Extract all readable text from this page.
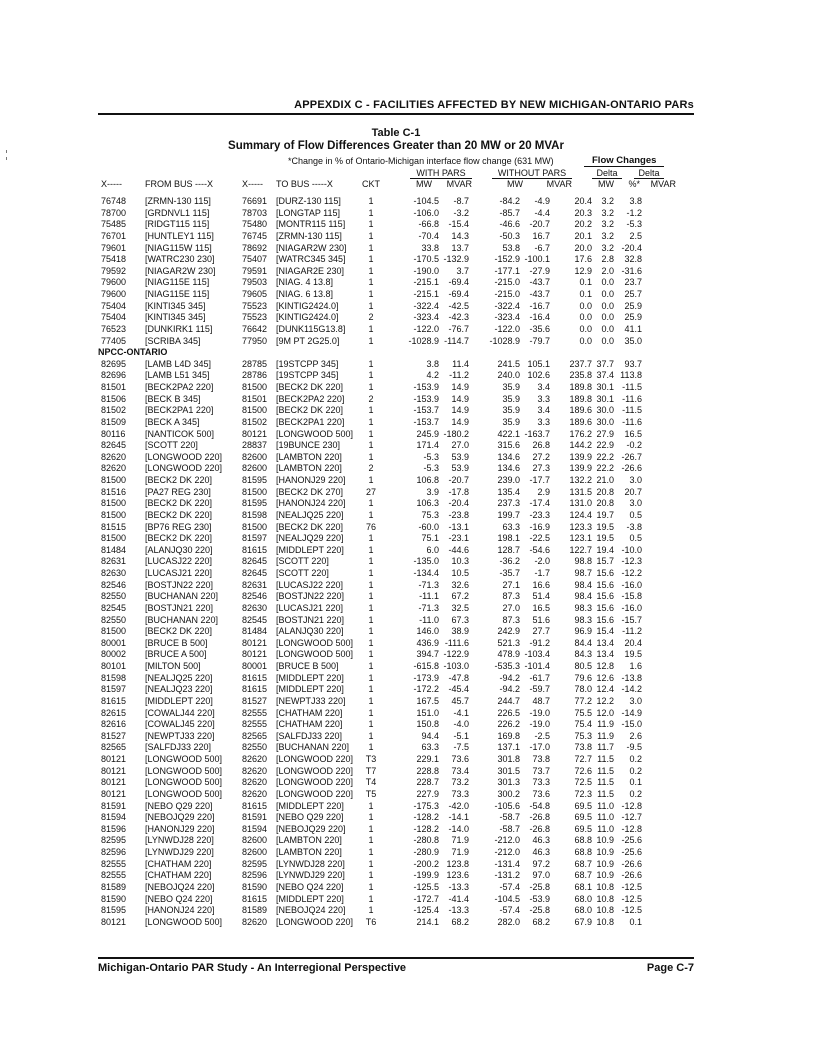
APPEXDIX C - FACILITIES AFFECTED BY NEW MICHIGAN-ONTARIO PARs
Table C-1
Summary of Flow Differences Greater than 20 MW or 20 MVAr
*Change in % of Ontario-Michigan interface flow change (631 MW)	Flow Changes
WITH PARS	WITHOUT PARS	Delta	Delta
X-----	FROM BUS ----X	X----- TO BUS -----X	CKT	MW	MVAR	MW	MVAR	MW	%*	MVAR
	76748	[ZRMN-130 115]	76691	[DURZ-130 115]	1		-104.5	-8.7	-84.2	-4.9	20.4	3.2	3.8
	78700	[GRDNVL1 115]	78703	[LONGTAP 115]	1		-106.0	-3.2	-85.7	-4.4	20.3	3.2	-1.2
	75485	[RIDGT115 115]	75480	[MONTR115 115]	1		-66.8	-15.4	-46.6	-20.7	20.2	3.2	-5.3
	76701	[HUNTLEY1 115]	76745	[ZRMN-130 115]	1		-70.4	14.3	-50.3	16.7	20.1	3.2	2.5
	79601	[NIAG115W 115]	78692	[NIAGAR2W 230]	1		33.8	13.7	53.8	-6.7	20.0	3.2	-20.4
	75418	[WATRC230 230]	75407	[WATRC345 345]	1		-170.5	-132.9	-152.9	-100.1	17.6	2.8	32.8
	79592	[NIAGAR2W 230]	79591	[NIAGAR2E 230]	1		-190.0	3.7	-177.1	-27.9	12.9	2.0	-31.6
	79600	[NIAG115E 115]	79503	[NIAG. 4 13.8]	1		-215.1	-69.4	-215.0	-43.7	0.1	0.0	23.7
	79600	[NIAG115E 115]	79605	[NIAG. 6 13.8]	1		-215.1	-69.4	-215.0	-43.7	0.1	0.0	25.7
	75404	[KINTI345 345]	75523	[KINTIG2424.0]	1		-322.4	-42.5	-322.4	-16.7	0.0	0.0	25.9
	75404	[KINTI345 345]	75523	[KINTIG2424.0]	2		-323.4	-42.3	-323.4	-16.4	0.0	0.0	25.9
	76523	[DUNKIRK1 115]	76642	[DUNK115G13.8]	1		-122.0	-76.7	-122.0	-35.6	0.0	0.0	41.1
	77405	[SCRIBA 345]	77950	[9M PT 2G25.0]	1		-1028.9	-114.7	-1028.9	-79.7	0.0	0.0	35.0
NPCC-ONTARIO													
	82695	[LAMB L4D 345]	28785	[19STCPP 345]	1		3.8	11.4	241.5	105.1	237.7	37.7	93.7
	82696	[LAMB L51 345]	28786	[19STCPP 345]	1		4.2	-11.2	240.0	102.6	235.8	37.4	113.8
	81501	[BECK2PA2 220]	81500	[BECK2 DK 220]	1		-153.9	14.9	35.9	3.4	189.8	30.1	-11.5
	81506	[BECK B 345]	81501	[BECK2PA2 220]	2		-153.9	14.9	35.9	3.3	189.8	30.1	-11.6
	81502	[BECK2PA1 220]	81500	[BECK2 DK 220]	1		-153.7	14.9	35.9	3.4	189.6	30.0	-11.5
	81509	[BECK A 345]	81502	[BECK2PA1 220]	1		-153.7	14.9	35.9	3.3	189.6	30.0	-11.6
	80116	[NANTICOK 500]	80121	[LONGWOOD 500]	1		245.9	-180.2	422.1	-163.7	176.2	27.9	16.5
	82645	[SCOTT 220]	28837	[19BUNCE 230]	1		171.4	27.0	315.6	26.8	144.2	22.9	-0.2
	82620	[LONGWOOD 220]	82600	[LAMBTON 220]	1		-5.3	53.9	134.6	27.2	139.9	22.2	-26.7
	82620	[LONGWOOD 220]	82600	[LAMBTON 220]	2		-5.3	53.9	134.6	27.3	139.9	22.2	-26.6
	81500	[BECK2 DK 220]	81595	[HANONJ29 220]	1		106.8	-20.7	239.0	-17.7	132.2	21.0	3.0
	81516	[PA27 REG 230]	81500	[BECK2 DK 270]	27		3.9	-17.8	135.4	2.9	131.5	20.8	20.7
	81500	[BECK2 DK 220]	81595	[HANONJ24 220]	1		106.3	-20.4	237.3	-17.4	131.0	20.8	3.0
	81500	[BECK2 DK 220]	81598	[NEALJQ25 220]	1		75.3	-23.8	199.7	-23.3	124.4	19.7	0.5
	81515	[BP76 REG 230]	81500	[BECK2 DK 220]	76		-60.0	-13.1	63.3	-16.9	123.3	19.5	-3.8
	81500	[BECK2 DK 220]	81597	[NEALJQ29 220]	1		75.1	-23.1	198.1	-22.5	123.1	19.5	0.5
	81484	[ALANJQ30 220]	81615	[MIDDLEPT 220]	1		6.0	-44.6	128.7	-54.6	122.7	19.4	-10.0
	82631	[LUCASJ22 220]	82645	[SCOTT 220]	1		-135.0	10.3	-36.2	-2.0	98.8	15.7	-12.3
	82630	[LUCASJ21 220]	82645	[SCOTT 220]	1		-134.4	10.5	-35.7	-1.7	98.7	15.6	-12.2
	82546	[BOSTJN22 220]	82631	[LUCASJ22 220]	1		-71.3	32.6	27.1	16.6	98.4	15.6	-16.0
	82550	[BUCHANAN 220]	82546	[BOSTJN22 220]	1		-11.1	67.2	87.3	51.4	98.4	15.6	-15.8
	82545	[BOSTJN21 220]	82630	[LUCASJ21 220]	1		-71.3	32.5	27.0	16.5	98.3	15.6	-16.0
	82550	[BUCHANAN 220]	82545	[BOSTJN21 220]	1		-11.0	67.3	87.3	51.6	98.3	15.6	-15.7
	81500	[BECK2 DK 220]	81484	[ALANJQ30 220]	1		146.0	38.9	242.9	27.7	96.9	15.4	-11.2
	80001	[BRUCE B 500]	80121	[LONGWOOD 500]	1		436.9	-111.6	521.3	-91.2	84.4	13.4	20.4
	80002	[BRUCE A 500]	80121	[LONGWOOD 500]	1		394.7	-122.9	478.9	-103.4	84.3	13.4	19.5
	80101	[MILTON 500]	80001	[BRUCE B 500]	1		-615.8	-103.0	-535.3	-101.4	80.5	12.8	1.6
	81598	[NEALJQ25 220]	81615	[MIDDLEPT 220]	1		-173.9	-47.8	-94.2	-61.7	79.6	12.6	-13.8
	81597	[NEALJQ23 220]	81615	[MIDDLEPT 220]	1		-172.2	-45.4	-94.2	-59.7	78.0	12.4	-14.2
	81615	[MIDDLEPT 220]	81527	[NEWPTJ33 220]	1		167.5	45.7	244.7	48.7	77.2	12.2	3.0
	82615	[COWALJ44 220]	82555	[CHATHAM 220]	1		151.0	-4.1	226.5	-19.0	75.5	12.0	-14.9
	82616	[COWALJ45 220]	82555	[CHATHAM 220]	1		150.8	-4.0	226.2	-19.0	75.4	11.9	-15.0
	81527	[NEWPTJ33 220]	82565	[SALFDJ33 220]	1		94.4	-5.1	169.8	-2.5	75.3	11.9	2.6
	82565	[SALFDJ33 220]	82550	[BUCHANAN 220]	1		63.3	-7.5	137.1	-17.0	73.8	11.7	-9.5
	80121	[LONGWOOD 500]	82620	[LONGWOOD 220]	T3		229.1	73.6	301.8	73.8	72.7	11.5	0.2
	80121	[LONGWOOD 500]	82620	[LONGWOOD 220]	T7		228.8	73.4	301.5	73.7	72.6	11.5	0.2
	80121	[LONGWOOD 500]	82620	[LONGWOOD 220]	T4		228.7	73.2	301.3	73.3	72.5	11.5	0.1
	80121	[LONGWOOD 500]	82620	[LONGWOOD 220]	T5		227.9	73.3	300.2	73.6	72.3	11.5	0.2
	81591	[NEBO Q29 220]	81615	[MIDDLEPT 220]	1		-175.3	-42.0	-105.6	-54.8	69.5	11.0	-12.8
	81594	[NEBOJQ29 220]	81591	[NEBO Q29 220]	1		-128.2	-14.1	-58.7	-26.8	69.5	11.0	-12.7
	81596	[HANONJ29 220]	81594	[NEBOJQ29 220]	1		-128.2	-14.0	-58.7	-26.8	69.5	11.0	-12.8
	82595	[LYNWDJ28 220]	82600	[LAMBTON 220]	1		-280.8	71.9	-212.0	46.3	68.8	10.9	-25.6
	82596	[LYNWDJ29 220]	82600	[LAMBTON 220]	1		-280.9	71.9	-212.0	46.3	68.8	10.9	-25.6
	82555	[CHATHAM 220]	82595	[LYNWDJ28 220]	1		-200.2	123.8	-131.4	97.2	68.7	10.9	-26.6
	82555	[CHATHAM 220]	82596	[LYNWDJ29 220]	1		-199.9	123.6	-131.2	97.0	68.7	10.9	-26.6
	81589	[NEBOJQ24 220]	81590	[NEBO Q24 220]	1		-125.5	-13.3	-57.4	-25.8	68.1	10.8	-12.5
	81590	[NEBO Q24 220]	81615	[MIDDLEPT 220]	1		-172.7	-41.4	-104.5	-53.9	68.0	10.8	-12.5
	81595	[HANONJ24 220]	81589	[NEBOJQ24 220]	1		-125.4	-13.3	-57.4	-25.8	68.0	10.8	-12.5
	80121	[LONGWOOD 500]	82620	[LONGWOOD 220]	T6		214.1	68.2	282.0	68.2	67.9	10.8	0.1
Michigan-Ontario PAR Study - An Interregional Perspective	Page C-7
